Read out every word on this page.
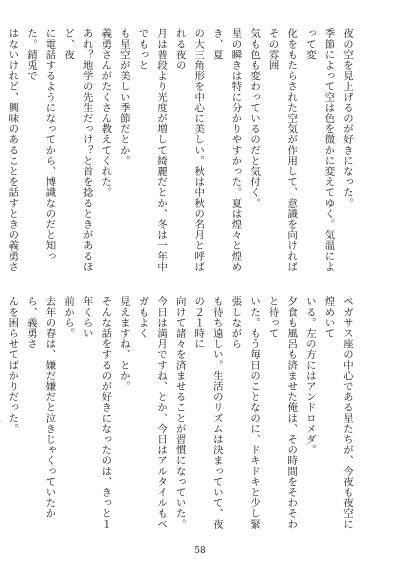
夜の空を見上げるのが好きになった。
季節によって空は色を微かに変えてゆく。気温によって変
化をもたらされた空気が作用して、意識を向ければその雰囲
気も色も変わっているのだと気付く。
星の瞬きは特に分かりやすかった。夏は煌々と煌めき、夏
の大三角形を中心に美しい。秋は中秋の名月と呼ばれる夜の
月は普段より光度が増して綺麗だとか、冬は一年中でもっと
も星空が美しい季節だとか。
義勇さんがたくさん教えてくれた。
あれ？地学の先生だっけ？と首を捻るときがあるほど、夜
に電話するようになってから、博識なのだと知った。錆兎で
はないけれど、興味のあることを話すときの義勇さ
ペガサス座の中心である星たちが、今夜も夜空に煌めいて
いる。左の方にはアンドロメダ。
夕食も風呂も済ませた俺は、その時間をそわそわと待って
いた。もう毎日のことなのに、ドキドキと少し緊張しながら
も待ち遠しい。生活のリズムは決まっていて、夜の２１時に
向けて諸々を済ませることが習慣になっていた。
今日は満月ですね、とか、今日はアルタイルもベガもよく
見えますね、とか。
そんな話をするのが好きになったのは、きっと１年くらい
前から。
去年の春は、嫌だ嫌だと泣きじゃくっていたから、義勇さ
んを困らせてばかりだった。
58
